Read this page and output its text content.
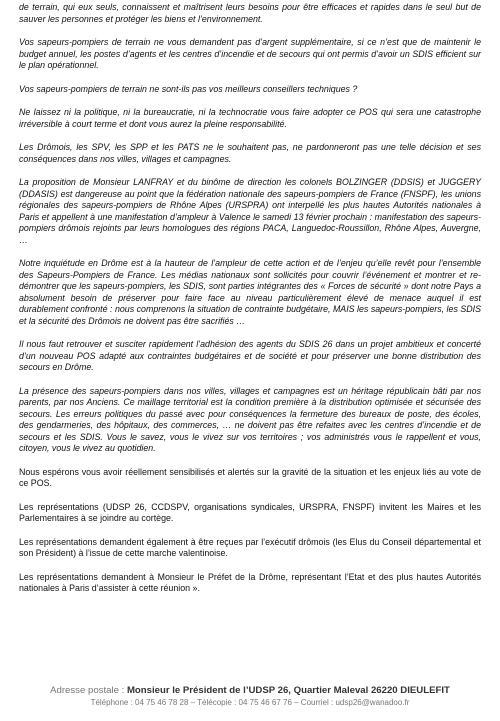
de terrain, qui eux seuls, connaissent et maîtrisent leurs besoins pour être efficaces et rapides dans le seul but de sauver les personnes et protéger les biens et l’environnement.

Vos sapeurs-pompiers de terrain ne vous demandent pas d’argent supplémentaire, si ce n’est que de maintenir le budget annuel, les postes d’agents et les centres d’incendie et de secours qui ont permis d’avoir un SDIS efficient sur le plan opérationnel.

Vos sapeurs-pompiers de terrain ne sont-ils pas vos meilleurs conseillers techniques ?

Ne laissez ni la politique, ni la bureaucratie, ni la technocratie vous faire adopter ce POS qui sera une catastrophe irréversible à court terme et dont vous aurez la pleine responsabilité.

Les Drômois, les SPV, les SPP et les PATS ne le souhaitent pas, ne pardonneront pas une telle décision et ses conséquences dans nos villes, villages et campagnes.

La proposition de Monsieur LANFRAY et du binôme de direction les colonels BOLZINGER (DDSIS) et JUGGERY (DDASIS) est dangereuse au point que la fédération nationale des sapeurs-pompiers de France (FNSPF), les unions régionales des sapeurs-pompiers de Rhône Alpes (URSPRA) ont interpellé les plus hautes Autorités nationales à Paris et appellent à une manifestation d’ampleur à Valence le samedi 13 février prochain : manifestation des sapeurs-pompiers drômois rejoints par leurs homologues des régions PACA, Languedoc-Roussillon, Rhône Alpes, Auvergne, …

Notre inquiétude en Drôme est à la hauteur de l’ampleur de cette action et de l’enjeu qu’elle revêt pour l’ensemble des Sapeurs-Pompiers de France. Les médias nationaux sont sollicités pour couvrir l’événement et montrer et re-démontrer que les sapeurs-pompiers, les SDIS, sont parties intégrantes des « Forces de sécurité » dont notre Pays a absolument besoin de préserver pour faire face au niveau particulièrement élevé de menace auquel il est durablement confronté : nous comprenons la situation de contrainte budgétaire, MAIS les sapeurs-pompiers, les SDIS et la sécurité des Drômois ne doivent pas être sacrifiés …

Il nous faut retrouver et susciter rapidement l’adhésion des agents du SDIS 26 dans un projet ambitieux et concerté d’un nouveau POS adapté aux contraintes budgétaires et de société et pour préserver une bonne distribution des secours en Drôme.

La présence des sapeurs-pompiers dans nos villes, villages et campagnes est un héritage républicain bâti par nos parents, par nos Anciens. Ce maillage territorial est la condition première à la distribution optimisée et sécurisée des secours. Les erreurs politiques du passé avec pour conséquences la fermeture des bureaux de poste, des écoles, des gendarmeries, des hôpitaux, des commerces, … ne doivent pas être refaites avec les centres d’incendie et de secours et les SDIS. Vous le savez, vous le vivez sur vos territoires ; vos administrés vous le rappellent et vous, citoyen, vous le vivez au quotidien.

Nous espérons vous avoir réellement sensibilisés et alertés sur la gravité de la situation et les enjeux liés au vote de ce POS.

Les représentations (UDSP 26, CCDSPV, organisations syndicales, URSPRA, FNSPF) invitent les Maires et les Parlementaires à se joindre au cortège.

Les représentations demandent également à être reçues par l’exécutif drômois (les Elus du Conseil départemental et son Président) à l’issue de cette marche valentinoise.

Les représentations demandent à Monsieur le Préfet de la Drôme, représentant l’Etat et des plus hautes Autorités nationales à Paris d’assister à cette réunion ».

Adresse postale : Monsieur le Président de l’UDSP 26, Quartier Maleval 26220 DIEULEFIT
Téléphone : 04 75 46 78 28 – Télécopie : 04 75 46 67 76 – Courriel : udsp26@wanadoo.fr
